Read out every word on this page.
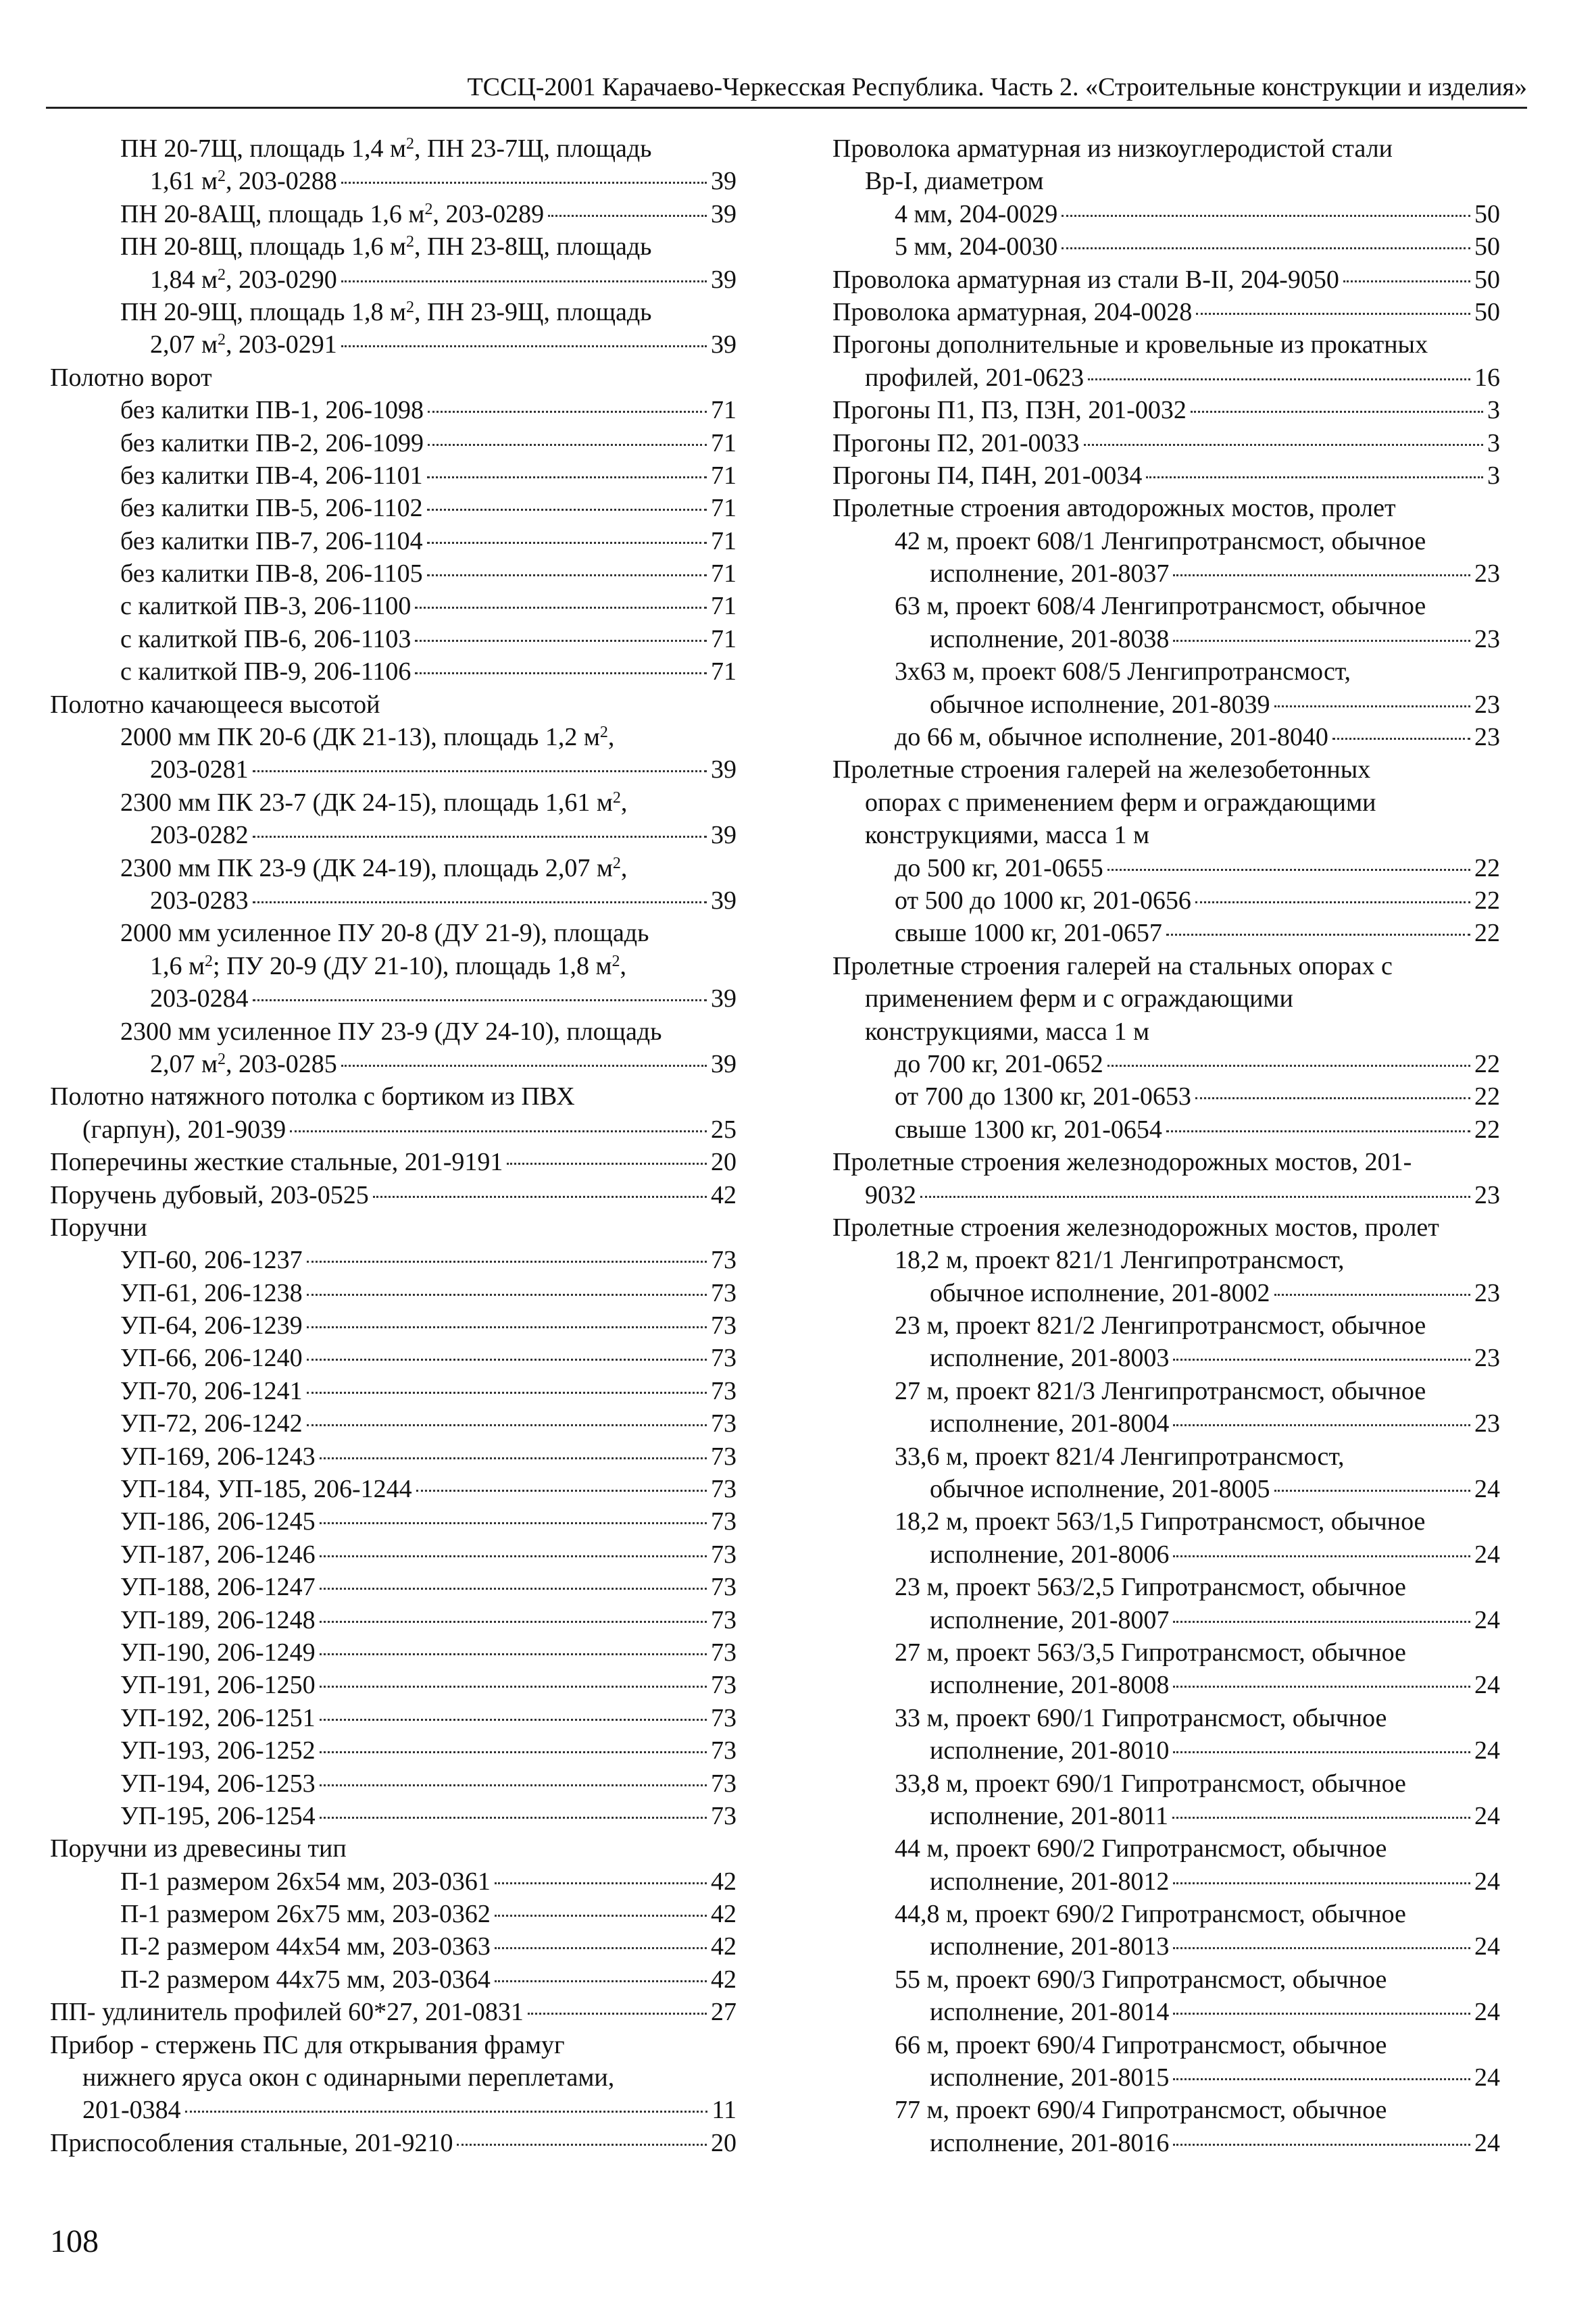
ТССЦ-2001 Карачаево-Черкесская Республика. Часть 2. «Строительные конструкции и изделия»
ПН 20-7Щ, площадь 1,4 $м^2$, ПН 23-7Щ, площадь
1,61 $м^2$, 203-0288	39
ПН 20-8АЩ, площадь 1,6 $м^2$, 203-0289	39
ПН 20-8Щ, площадь 1,6 $м^2$, ПН 23-8Щ, площадь
1,84 $м^2$, 203-0290	39
ПН 20-9Щ, площадь 1,8 $м^2$, ПН 23-9Щ, площадь
2,07 $м^2$, 203-0291	39
Полотно ворот
без калитки ПВ-1, 206-1098	71
без калитки ПВ-2, 206-1099	71
без калитки ПВ-4, 206-1101	71
без калитки ПВ-5, 206-1102	71
без калитки ПВ-7, 206-1104	71
без калитки ПВ-8, 206-1105	71
с калиткой ПВ-3, 206-1100	71
с калиткой ПВ-6, 206-1103	71
с калиткой ПВ-9, 206-1106	71
Полотно качающееся высотой
2000 мм ПК 20-6 (ДК 21-13), площадь 1,2 $м^2$,
203-0281	39
2300 мм ПК 23-7 (ДК 24-15), площадь 1,61 $м^2$,
203-0282	39
2300 мм ПК 23-9 (ДК 24-19), площадь 2,07 $м^2$,
203-0283	39
2000 мм усиленное ПУ 20-8 (ДУ 21-9), площадь
1,6 $м^2$; ПУ 20-9 (ДУ 21-10), площадь 1,8 $м^2$,
203-0284	39
2300 мм усиленное ПУ 23-9 (ДУ 24-10), площадь
2,07 $м^2$, 203-0285	39
Полотно натяжного потолка с бортиком из ПВХ
(гарпун), 201-9039	25
Поперечины жесткие стальные, 201-9191	20
Поручень дубовый, 203-0525	42
Поручни
УП-60, 206-1237	73
УП-61, 206-1238	73
УП-64, 206-1239	73
УП-66, 206-1240	73
УП-70, 206-1241	73
УП-72, 206-1242	73
УП-169, 206-1243	73
УП-184, УП-185, 206-1244	73
УП-186, 206-1245	73
УП-187, 206-1246	73
УП-188, 206-1247	73
УП-189, 206-1248	73
УП-190, 206-1249	73
УП-191, 206-1250	73
УП-192, 206-1251	73
УП-193, 206-1252	73
УП-194, 206-1253	73
УП-195, 206-1254	73
Поручни из древесины тип
П-1 размером 26х54 мм, 203-0361	42
П-1 размером 26х75 мм, 203-0362	42
П-2 размером 44х54 мм, 203-0363	42
П-2 размером 44х75 мм, 203-0364	42
ПП- удлинитель профилей 60*27, 201-0831	27
Прибор - стержень ПС для открывания фрамуг
нижнего яруса окон с одинарными переплетами,
201-0384	11
Приспособления стальные, 201-9210	20
Проволока арматурная из низкоуглеродистой стали
Вр-I, диаметром
4 мм, 204-0029	50
5 мм, 204-0030	50
Проволока арматурная из стали В-II, 204-9050	50
Проволока арматурная, 204-0028	50
Прогоны дополнительные и кровельные из прокатных
профилей, 201-0623	16
Прогоны П1, П3, П3Н, 201-0032	3
Прогоны П2, 201-0033	3
Прогоны П4, П4Н, 201-0034	3
Пролетные строения автодорожных мостов, пролет
42 м, проект 608/1 Ленгипротрансмост, обычное
исполнение, 201-8037	23
63 м, проект 608/4 Ленгипротрансмост, обычное
исполнение, 201-8038	23
3х63 м, проект 608/5 Ленгипротрансмост,
обычное исполнение, 201-8039	23
до 66 м, обычное исполнение, 201-8040	23
Пролетные строения галерей на железобетонных
опорах с применением ферм и ограждающими
конструкциями, масса 1 м
до 500 кг, 201-0655	22
от 500 до 1000 кг, 201-0656	22
свыше 1000 кг, 201-0657	22
Пролетные строения галерей на стальных опорах с
применением ферм и с ограждающими
конструкциями, масса 1 м
до 700 кг, 201-0652	22
от 700 до 1300 кг, 201-0653	22
свыше 1300 кг, 201-0654	22
Пролетные строения железнодорожных мостов, 201-
9032	23
Пролетные строения железнодорожных мостов, пролет
18,2 м, проект 821/1 Ленгипротрансмост,
обычное исполнение, 201-8002	23
23 м, проект 821/2 Ленгипротрансмост, обычное
исполнение, 201-8003	23
27 м, проект 821/3 Ленгипротрансмост, обычное
исполнение, 201-8004	23
33,6 м, проект 821/4 Ленгипротрансмост,
обычное исполнение, 201-8005	24
18,2 м, проект 563/1,5 Гипротрансмост, обычное
исполнение, 201-8006	24
23 м, проект 563/2,5 Гипротрансмост, обычное
исполнение, 201-8007	24
27 м, проект 563/3,5 Гипротрансмост, обычное
исполнение, 201-8008	24
33 м, проект 690/1 Гипротрансмост, обычное
исполнение, 201-8010	24
33,8 м, проект 690/1 Гипротрансмост, обычное
исполнение, 201-8011	24
44 м, проект 690/2 Гипротрансмост, обычное
исполнение, 201-8012	24
44,8 м, проект 690/2 Гипротрансмост, обычное
исполнение, 201-8013	24
55 м, проект 690/3 Гипротрансмост, обычное
исполнение, 201-8014	24
66 м, проект 690/4 Гипротрансмост, обычное
исполнение, 201-8015	24
77 м, проект 690/4 Гипротрансмост, обычное
исполнение, 201-8016	24
108
